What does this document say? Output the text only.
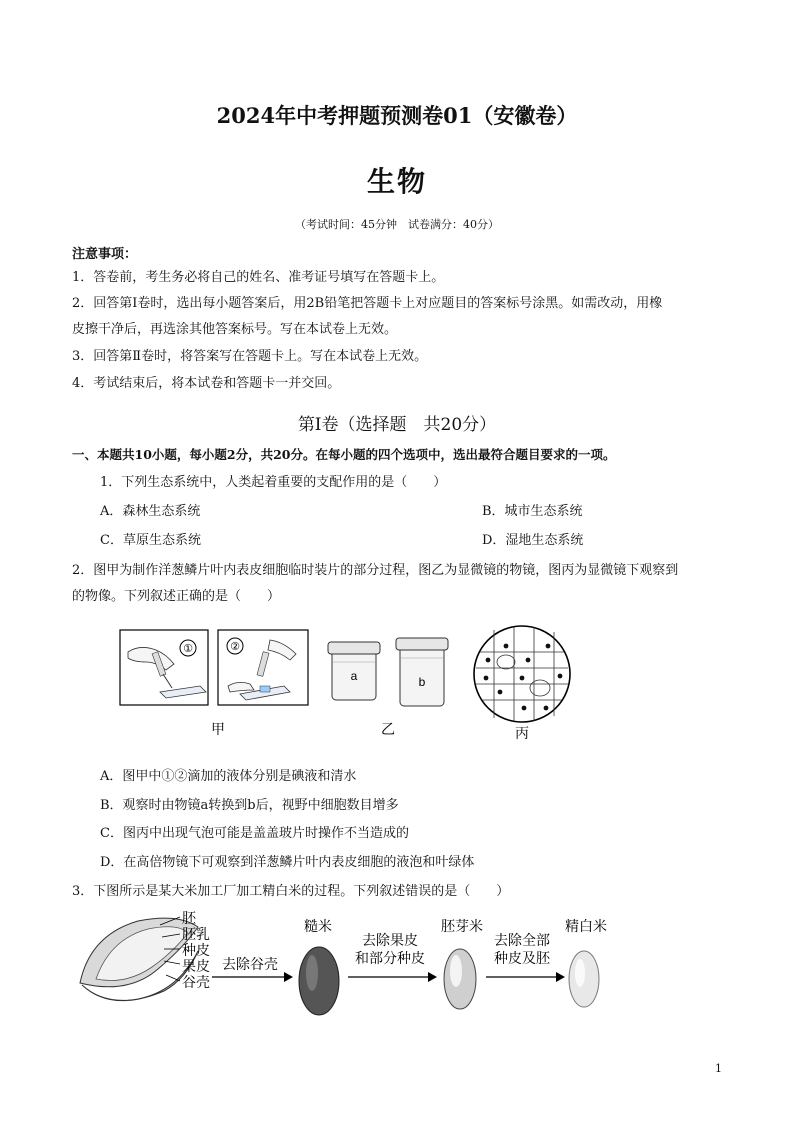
2024年中考押题预测卷01（安徽卷）
生物
（考试时间：45分钟　试卷满分：40分）
注意事项：
1．答卷前，考生务必将自己的姓名、准考证号填写在答题卡上。
2．回答第Ⅰ卷时，选出每小题答案后，用2B铅笔把答题卡上对应题目的答案标号涂黑。如需改动，用橡
皮擦干净后，再选涂其他答案标号。写在本试卷上无效。
3．回答第Ⅱ卷时，将答案写在答题卡上。写在本试卷上无效。
4．考试结束后，将本试卷和答题卡一并交回。
第Ⅰ卷（选择题　共20分）
一、本题共10小题，每小题2分，共20分。在每小题的四个选项中，选出最符合题目要求的一项。
1．下列生态系统中，人类起着重要的支配作用的是（　　）
A．森林生态系统	B．城市生态系统
C．草原生态系统	D．湿地生态系统
2．图甲为制作洋葱鳞片叶内表皮细胞临时装片的部分过程，图乙为显微镜的物镜，图丙为显微镜下观察到
的物像。下列叙述正确的是（　　）
①	②
甲
a	b
乙	丙
A．图甲中①②滴加的液体分别是碘液和清水
B．观察时由物镜a转换到b后，视野中细胞数目增多
C．图丙中出现气泡可能是盖盖玻片时操作不当造成的
D．在高倍物镜下可观察到洋葱鳞片叶内表皮细胞的液泡和叶绿体
3．下图所示是某大米加工厂加工精白米的过程。下列叙述错误的是（　　）
胚
胚乳
种皮
果皮
谷壳
去除谷壳
糙米
去除果皮
和部分种皮
胚芽米
去除全部
种皮及胚
精白米
1
